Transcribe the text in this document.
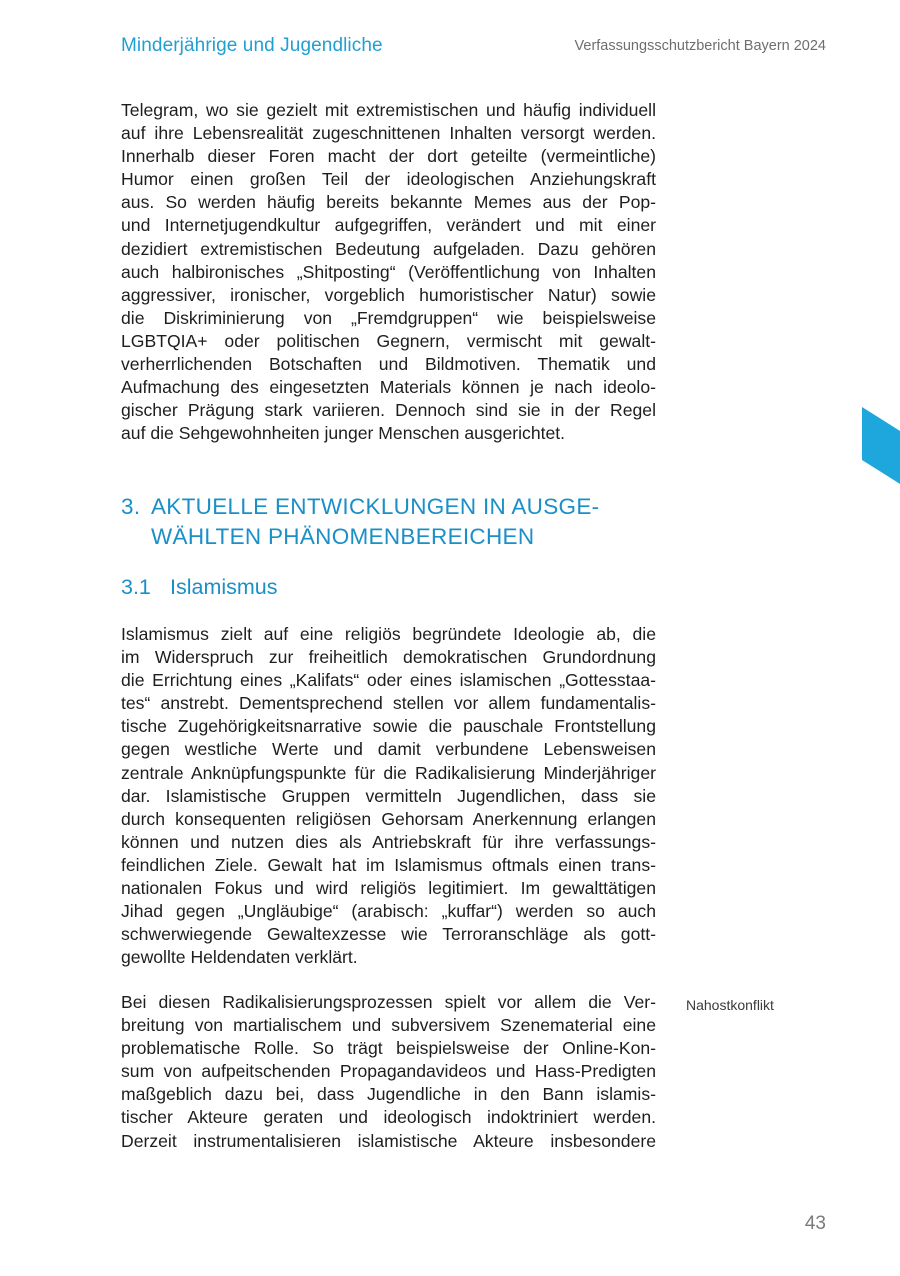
Minderjährige und Jugendliche	Verfassungsschutzbericht Bayern 2024
Telegram, wo sie gezielt mit extremistischen und häufig individuell
auf ihre Lebensrealität zugeschnittenen Inhalten versorgt werden.
Innerhalb dieser Foren macht der dort geteilte (vermeintliche)
Humor einen großen Teil der ideologischen Anziehungskraft
aus. So werden häufig bereits bekannte Memes aus der Pop-
und Internetjugendkultur aufgegriffen, verändert und mit einer
dezidiert extremistischen Bedeutung aufgeladen. Dazu gehören
auch halbironisches „Shitposting“ (Veröffentlichung von Inhalten
aggressiver, ironischer, vorgeblich humoristischer Natur) sowie
die Diskriminierung von „Fremdgruppen“ wie beispielsweise
LGBTQIA+ oder politischen Gegnern, vermischt mit gewalt-
verherrlichenden Botschaften und Bildmotiven. Thematik und
Aufmachung des eingesetzten Materials können je nach ideolo-
gischer Prägung stark variieren. Dennoch sind sie in der Regel
auf die Sehgewohnheiten junger Menschen ausgerichtet.
3. AKTUELLE ENTWICKLUNGEN IN AUSGE-
WÄHLTEN PHÄNOMENBEREICHEN
3.1 Islamismus
Islamismus zielt auf eine religiös begründete Ideologie ab, die
im Widerspruch zur freiheitlich demokratischen Grundordnung
die Errichtung eines „Kalifats“ oder eines islamischen „Gottesstaa-
tes“ anstrebt. Dementsprechend stellen vor allem fundamentalis-
tische Zugehörigkeitsnarrative sowie die pauschale Frontstellung
gegen westliche Werte und damit verbundene Lebensweisen
zentrale Anknüpfungspunkte für die Radikalisierung Minderjähriger
dar. Islamistische Gruppen vermitteln Jugendlichen, dass sie
durch konsequenten religiösen Gehorsam Anerkennung erlangen
können und nutzen dies als Antriebskraft für ihre verfassungs-
feindlichen Ziele. Gewalt hat im Islamismus oftmals einen trans-
nationalen Fokus und wird religiös legitimiert. Im gewalttätigen
Jihad gegen „Ungläubige“ (arabisch: „kuffar“) werden so auch
schwerwiegende Gewaltexzesse wie Terroranschläge als gott-
gewollte Heldendaten verklärt.
Bei diesen Radikalisierungsprozessen spielt vor allem die Ver-
breitung von martialischem und subversivem Szenematerial eine
problematische Rolle. So trägt beispielsweise der Online-Kon-
sum von aufpeitschenden Propagandavideos und Hass-Predigten
maßgeblich dazu bei, dass Jugendliche in den Bann islamis-
tischer Akteure geraten und ideologisch indoktriniert werden.
Derzeit instrumentalisieren islamistische Akteure insbesondere
Nahostkonflikt
43
